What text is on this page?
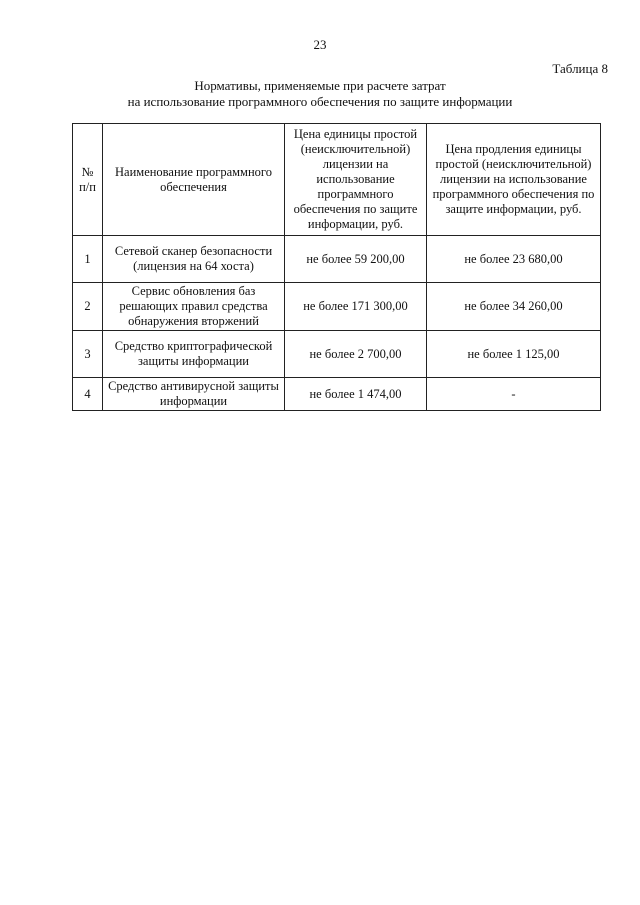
23
Таблица 8
Нормативы, применяемые при расчете затрат
на использование программного обеспечения по защите информации
№ п/п	Наименование программного обеспечения	Цена единицы простой (неисключительной) лицензии на использование программного обеспечения по защите информации, руб.	Цена продления единицы простой (неисключительной) лицензии на использование программного обеспечения по защите информации, руб.
1	Сетевой сканер безопасности (лицензия на 64 хоста)	не более 59 200,00	не более 23 680,00
2	Сервис обновления баз решающих правил средства обнаружения вторжений	не более 171 300,00	не более 34 260,00
3	Средство криптографической защиты информации	не более 2 700,00	не более 1 125,00
4	Средство антивирусной защиты информации	не более 1 474,00	-
